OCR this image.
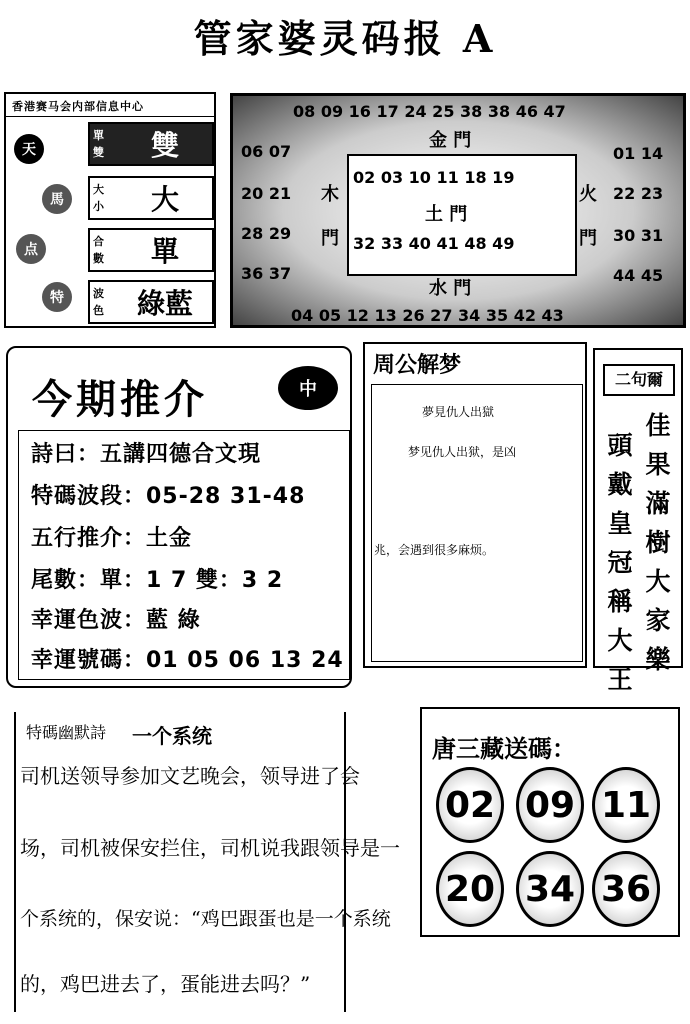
管家婆灵码报 A
香港赛马会内部信息中心
天
馬
点
特
單雙	雙
大小	大
合數	單
波色	綠藍
08 09 16 17 24 25 38 38 46 47
04 05 12 13 26 27 34 35 42 43
06 07
20 21
28 29
36 37
01 14
22 23
30 31
44 45
金 門
木
門
火
門
水 門
02 03 10 11 18 19
土 門
32 33 40 41 48 49
今期推介	中
詩曰：五講四德合文現
特碼波段：05-28 31-48
五行推介：土金
尾數：單：1 7 雙：3 2
幸運色波：藍 綠
幸運號碼：01 05 06 13 24
周公解梦
夢見仇人出獄
梦见仇人出狱，是凶
兆，会遇到很多麻烦。
二句爾
佳果滿樹大家樂
頭戴皇冠稱大王
特碼幽默詩 一个系统
司机送领导参加文艺晚会，领导进了会
场，司机被保安拦住，司机说我跟领导是一
个系统的，保安说：“鸡巴跟蛋也是一个系统
的，鸡巴进去了，蛋能进去吗？”
唐三藏送碼：
02 09 11
20 34 36
